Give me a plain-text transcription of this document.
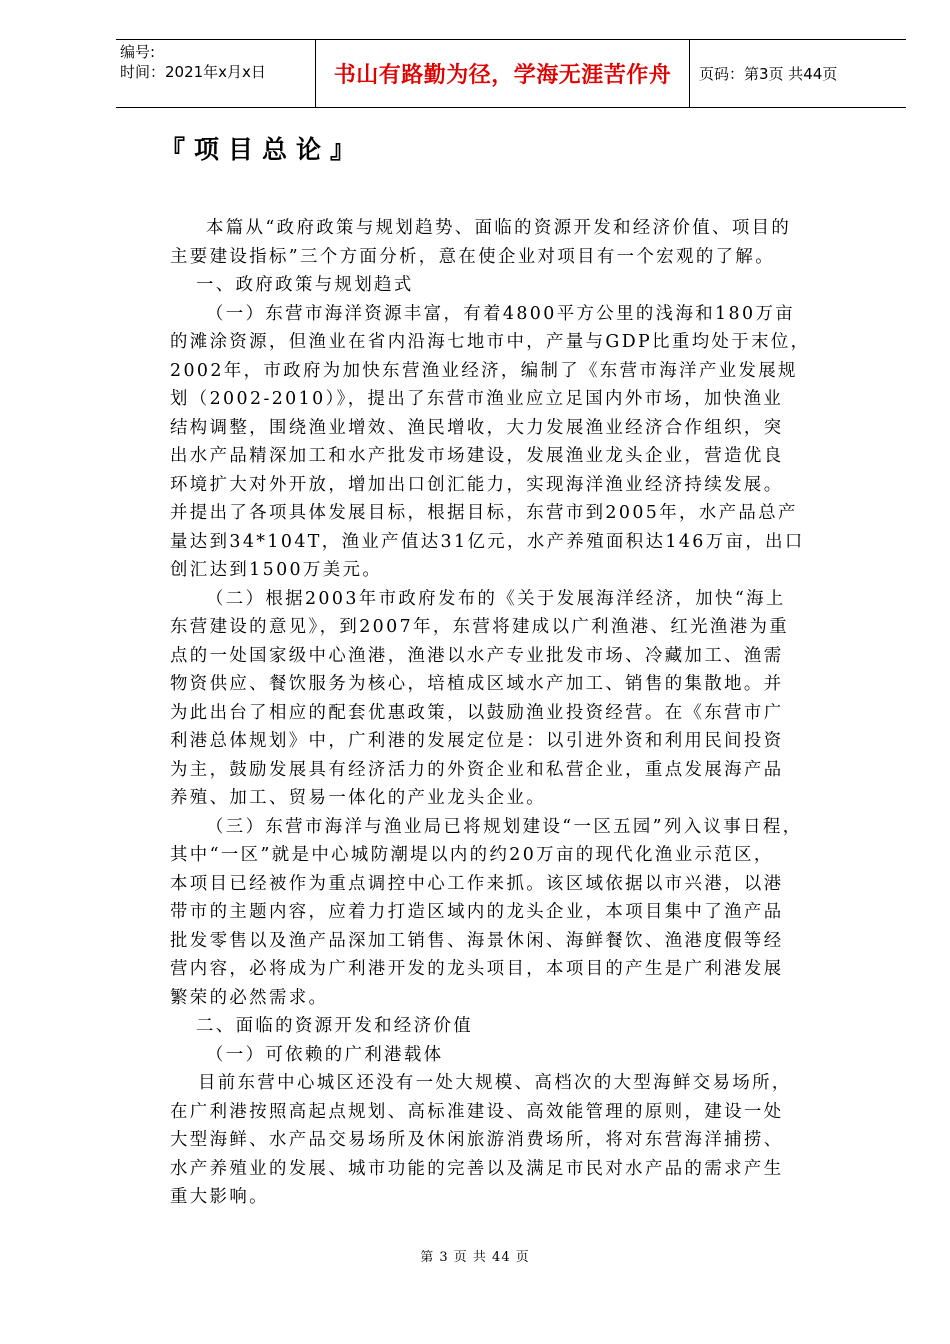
编号:
时间：2021年x月x日	书山有路勤为径，学海无涯苦作舟	页码：第3页 共44页
『项目总论』
本篇从“政府政策与规划趋势、面临的资源开发和经济价值、项目的
主要建设指标”三个方面分析，意在使企业对项目有一个宏观的了解。
一、政府政策与规划趋式
（一）东营市海洋资源丰富，有着4800平方公里的浅海和180万亩
的滩涂资源，但渔业在省内沿海七地市中，产量与GDP比重均处于末位，
2002年，市政府为加快东营渔业经济，编制了《东营市海洋产业发展规
划（2002-2010）》，提出了东营市渔业应立足国内外市场，加快渔业
结构调整，围绕渔业增效、渔民增收，大力发展渔业经济合作组织，突
出水产品精深加工和水产批发市场建设，发展渔业龙头企业，营造优良
环境扩大对外开放，增加出口创汇能力，实现海洋渔业经济持续发展。
并提出了各项具体发展目标，根据目标，东营市到2005年，水产品总产
量达到34*104T，渔业产值达31亿元，水产养殖面积达146万亩，出口
创汇达到1500万美元。
（二）根据2003年市政府发布的《关于发展海洋经济，加快“海上
东营建设的意见》，到2007年，东营将建成以广利渔港、红光渔港为重
点的一处国家级中心渔港，渔港以水产专业批发市场、冷藏加工、渔需
物资供应、餐饮服务为核心，培植成区域水产加工、销售的集散地。并
为此出台了相应的配套优惠政策，以鼓励渔业投资经营。在《东营市广
利港总体规划》中，广利港的发展定位是：以引进外资和利用民间投资
为主，鼓励发展具有经济活力的外资企业和私营企业，重点发展海产品
养殖、加工、贸易一体化的产业龙头企业。
（三）东营市海洋与渔业局已将规划建设“一区五园”列入议事日程，
其中“一区”就是中心城防潮堤以内的约20万亩的现代化渔业示范区，
本项目已经被作为重点调控中心工作来抓。该区域依据以市兴港，以港
带市的主题内容，应着力打造区域内的龙头企业，本项目集中了渔产品
批发零售以及渔产品深加工销售、海景休闲、海鲜餐饮、渔港度假等经
营内容，必将成为广利港开发的龙头项目，本项目的产生是广利港发展
繁荣的必然需求。
二、面临的资源开发和经济价值
（一）可依赖的广利港载体
目前东营中心城区还没有一处大规模、高档次的大型海鲜交易场所，
在广利港按照高起点规划、高标准建设、高效能管理的原则，建设一处
大型海鲜、水产品交易场所及休闲旅游消费场所，将对东营海洋捕捞、
水产养殖业的发展、城市功能的完善以及满足市民对水产品的需求产生
重大影响。
第 3 页 共 44 页
